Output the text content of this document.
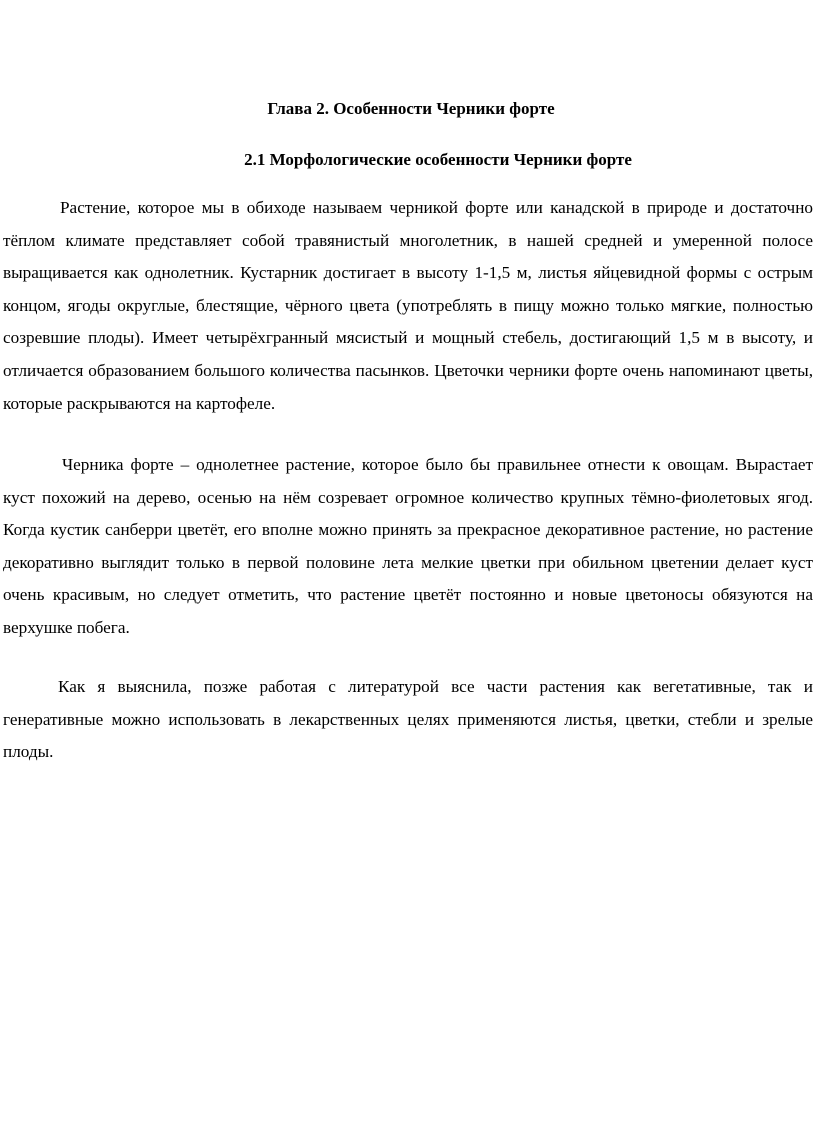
Глава 2. Особенности Черники форте
2.1 Морфологические особенности Черники форте

Растение, которое мы в обиходе называем черникой форте или канадской в природе и достаточно тёплом климате представляет собой травянистый многолетник, в нашей средней и умеренной полосе выращивается как однолетник. Кустарник достигает в высоту 1-1,5 м, листья яйцевидной формы с острым концом, ягоды округлые, блестящие, чёрного цвета (употреблять в пищу можно только мягкие, полностью созревшие плоды). Имеет четырёхгранный мясистый и мощный стебель, достигающий 1,5 м в высоту, и отличается образованием большого количества пасынков. Цветочки черники форте очень напоминают цветы, которые раскрываются на картофеле.

Черника форте – однолетнее растение, которое было бы правильнее отнести к овощам. Вырастает куст похожий на дерево, осенью на нём созревает огромное количество крупных тёмно-фиолетовых ягод. Когда кустик санберри цветёт, его вполне можно принять за прекрасное декоративное растение, но растение декоративно выглядит только в первой половине лета мелкие цветки при обильном цветении делает куст очень красивым, но следует отметить, что растение цветёт постоянно и новые цветоносы обязуются на верхушке побега.

Как я выяснила, позже работая с литературой все части растения как вегетативные, так и генеративные можно использовать в лекарственных целях применяются листья, цветки, стебли и зрелые плоды.
